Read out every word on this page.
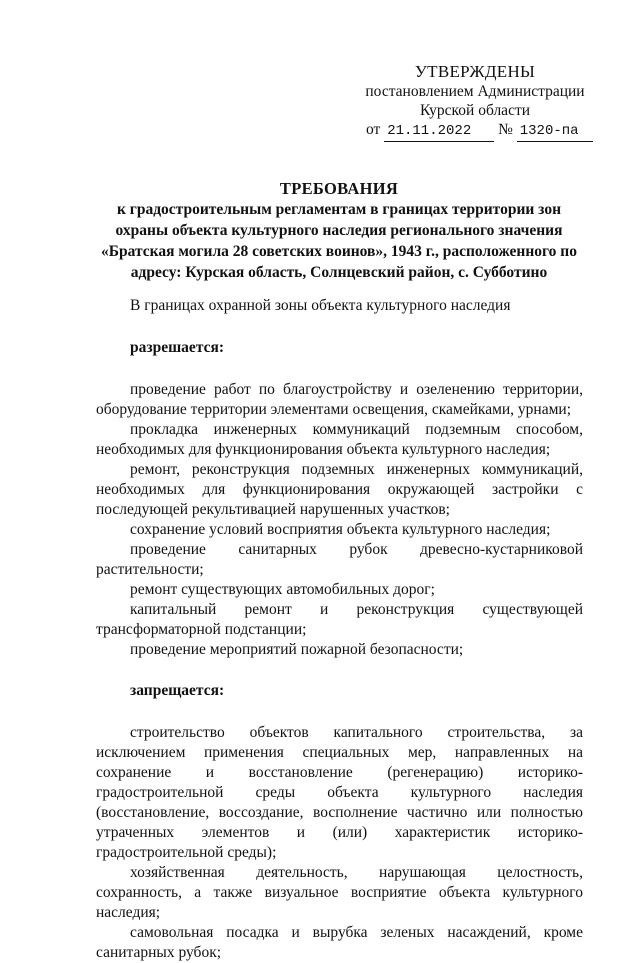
УТВЕРЖДЕНЫ
постановлением Администрации
Курской области
от 21.11.2022 № 1320-па
ТРЕБОВАНИЯ
к градостроительным регламентам в границах территории зон охраны объекта культурного наследия регионального значения «Братская могила 28 советских воинов», 1943 г., расположенного по адресу: Курская область, Солнцевский район, с. Субботино

В границах охранной зоны объекта культурного наследия

разрешается:

проведение работ по благоустройству и озеленению территории, оборудование территории элементами освещения, скамейками, урнами;

прокладка инженерных коммуникаций подземным способом, необходимых для функционирования объекта культурного наследия;

ремонт, реконструкция подземных инженерных коммуникаций, необходимых для функционирования окружающей застройки с последующей рекультивацией нарушенных участков;

сохранение условий восприятия объекта культурного наследия;

проведение санитарных рубок древесно-кустарниковой растительности;

ремонт существующих автомобильных дорог;

капитальный ремонт и реконструкция существующей трансформаторной подстанции;

проведение мероприятий пожарной безопасности;

запрещается:

строительство объектов капитального строительства, за исключением применения специальных мер, направленных на сохранение и восстановление (регенерацию) историко-градостроительной среды объекта культурного наследия (восстановление, воссоздание, восполнение частично или полностью утраченных элементов и (или) характеристик историко-градостроительной среды);

хозяйственная деятельность, нарушающая целостность, сохранность, а также визуальное восприятие объекта культурного наследия;

самовольная посадка и вырубка зеленых насаждений, кроме санитарных рубок;
